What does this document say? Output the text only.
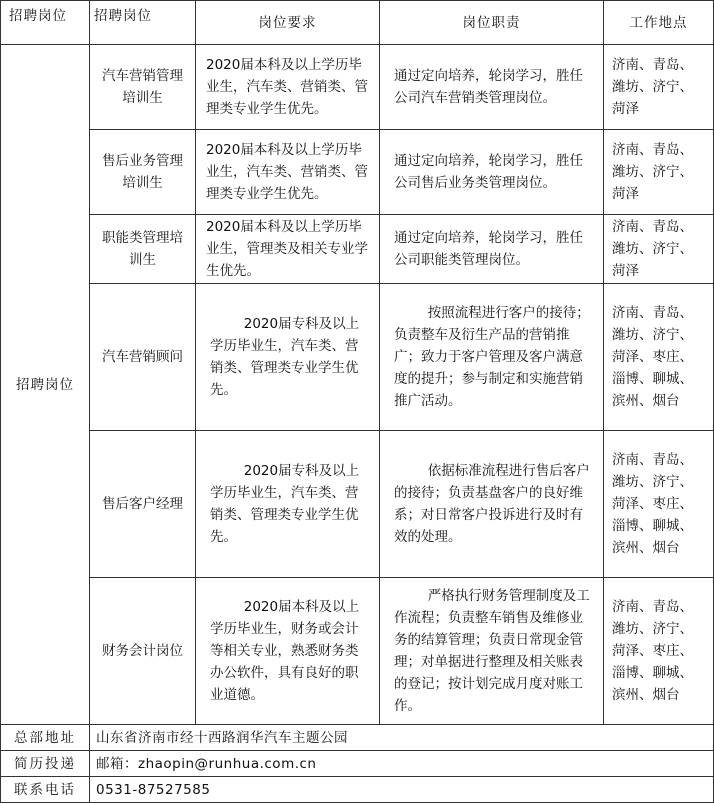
招聘岗位	招聘岗位	岗位要求	岗位职责	工作地点
招聘岗位	汽车营销管理培训生	2020届本科及以上学历毕业生，汽车类、营销类、管理类专业学生优先。	通过定向培养，轮岗学习，胜任公司汽车营销类管理岗位。	济南、青岛、潍坊、济宁、菏泽
	售后业务管理培训生	2020届本科及以上学历毕业生，汽车类、营销类、管理类专业学生优先。	通过定向培养，轮岗学习，胜任公司售后业务类管理岗位。	济南、青岛、潍坊、济宁、菏泽
	职能类管理培训生	2020届本科及以上学历毕业生，管理类及相关专业学生优先。	通过定向培养，轮岗学习，胜任公司职能类管理岗位。	济南、青岛、潍坊、济宁、菏泽
	汽车营销顾问	2020届专科及以上学历毕业生，汽车类、营销类、管理类专业学生优先。	按照流程进行客户的接待；负责整车及衍生产品的营销推广；致力于客户管理及客户满意度的提升；参与制定和实施营销推广活动。	济南、青岛、潍坊、济宁、菏泽、枣庄、淄博、聊城、滨州、烟台
	售后客户经理	2020届专科及以上学历毕业生，汽车类、营销类、管理类专业学生优先。	依据标准流程进行售后客户的接待；负责基盘客户的良好维系；对日常客户投诉进行及时有效的处理。	济南、青岛、潍坊、济宁、菏泽、枣庄、淄博、聊城、滨州、烟台
	财务会计岗位	2020届本科及以上学历毕业生，财务或会计等相关专业，熟悉财务类办公软件，具有良好的职业道德。	严格执行财务管理制度及工作流程；负责整车销售及维修业务的结算管理；负责日常现金管理；对单据进行整理及相关账表的登记；按计划完成月度对账工作。	济南、青岛、潍坊、济宁、菏泽、枣庄、淄博、聊城、滨州、烟台
总部地址	山东省济南市经十西路润华汽车主题公园			
简历投递	邮箱：zhaopin@runhua.com.cn			
联系电话	0531-87527585			
